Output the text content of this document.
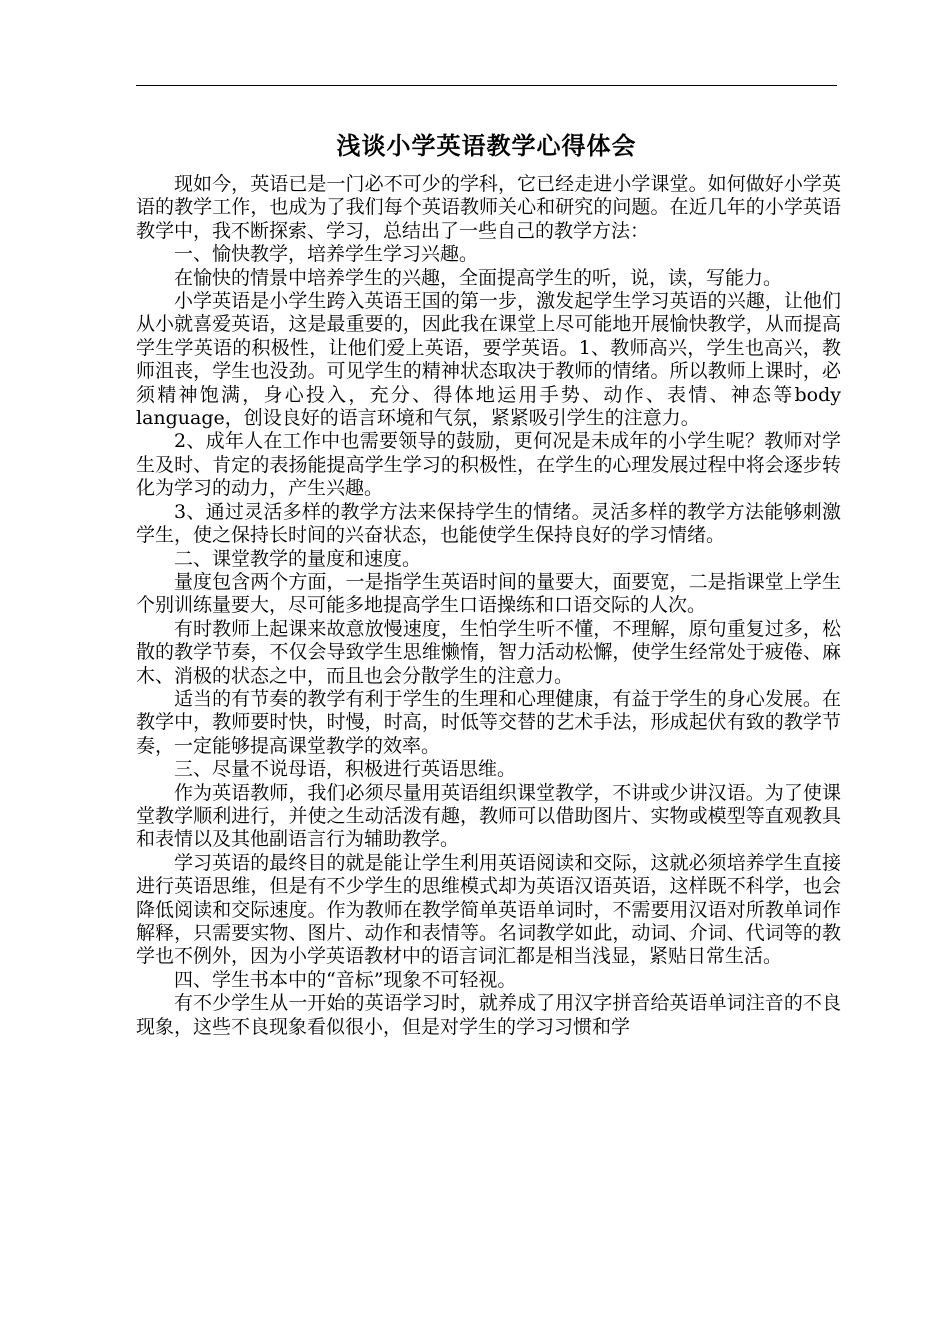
浅谈小学英语教学心得体会

现如今，英语已是一门必不可少的学科，它已经走进小学课堂。如何做好小学英语的教学工作，也成为了我们每个英语教师关心和研究的问题。在近几年的小学英语教学中，我不断探索、学习，总结出了一些自己的教学方法：

一、愉快教学，培养学生学习兴趣。

在愉快的情景中培养学生的兴趣，全面提高学生的听，说，读，写能力。

小学英语是小学生跨入英语王国的第一步，激发起学生学习英语的兴趣，让他们从小就喜爱英语，这是最重要的，因此我在课堂上尽可能地开展愉快教学，从而提高学生学英语的积极性，让他们爱上英语，要学英语。1、教师高兴，学生也高兴，教师沮丧，学生也没劲。可见学生的精神状态取决于教师的情绪。所以教师上课时，必须精神饱满，身心投入，充分、得体地运用手势、动作、表情、神态等body language，创设良好的语言环境和气氛，紧紧吸引学生的注意力。

2、成年人在工作中也需要领导的鼓励，更何况是未成年的小学生呢？教师对学生及时、肯定的表扬能提高学生学习的积极性，在学生的心理发展过程中将会逐步转化为学习的动力，产生兴趣。

3、通过灵活多样的教学方法来保持学生的情绪。灵活多样的教学方法能够刺激学生，使之保持长时间的兴奋状态，也能使学生保持良好的学习情绪。

二、课堂教学的量度和速度。

量度包含两个方面，一是指学生英语时间的量要大，面要宽，二是指课堂上学生个别训练量要大，尽可能多地提高学生口语操练和口语交际的人次。

有时教师上起课来故意放慢速度，生怕学生听不懂，不理解，原句重复过多，松散的教学节奏，不仅会导致学生思维懒惰，智力活动松懈，使学生经常处于疲倦、麻木、消极的状态之中，而且也会分散学生的注意力。

适当的有节奏的教学有利于学生的生理和心理健康，有益于学生的身心发展。在教学中，教师要时快，时慢，时高，时低等交替的艺术手法，形成起伏有致的教学节奏，一定能够提高课堂教学的效率。

三、尽量不说母语，积极进行英语思维。

作为英语教师，我们必须尽量用英语组织课堂教学，不讲或少讲汉语。为了使课堂教学顺利进行，并使之生动活泼有趣，教师可以借助图片、实物或模型等直观教具和表情以及其他副语言行为辅助教学。

学习英语的最终目的就是能让学生利用英语阅读和交际，这就必须培养学生直接进行英语思维，但是有不少学生的思维模式却为英语汉语英语，这样既不科学，也会降低阅读和交际速度。作为教师在教学简单英语单词时，不需要用汉语对所教单词作解释，只需要实物、图片、动作和表情等。名词教学如此，动词、介词、代词等的教学也不例外，因为小学英语教材中的语言词汇都是相当浅显，紧贴日常生活。

四、学生书本中的“音标”现象不可轻视。

有不少学生从一开始的英语学习时，就养成了用汉字拼音给英语单词注音的不良现象，这些不良现象看似很小，但是对学生的学习习惯和学
